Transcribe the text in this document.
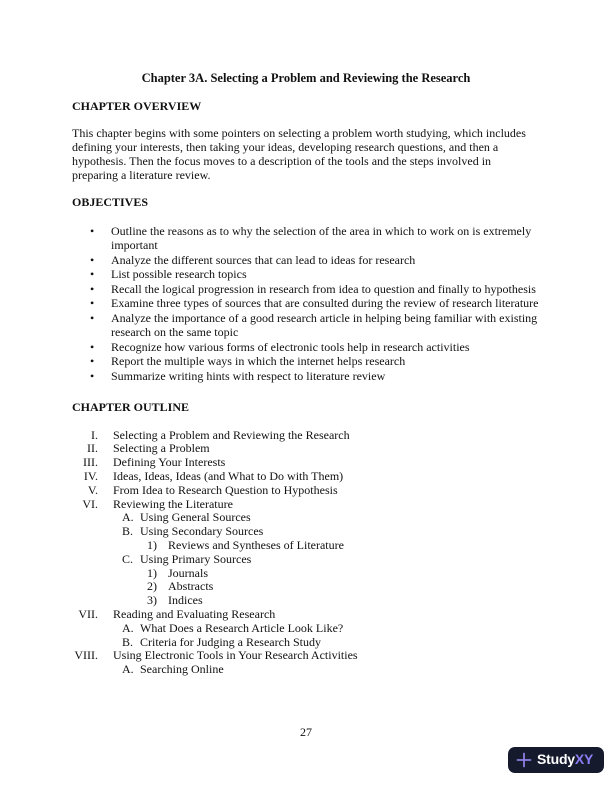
Chapter 3A. Selecting a Problem and Reviewing the Research
CHAPTER OVERVIEW

This chapter begins with some pointers on selecting a problem worth studying, which includes defining your interests, then taking your ideas, developing research questions, and then a hypothesis. Then the focus moves to a description of the tools and the steps involved in preparing a literature review.

OBJECTIVES
• Outline the reasons as to why the selection of the area in which to work on is extremely important
• Analyze the different sources that can lead to ideas for research
• List possible research topics
• Recall the logical progression in research from idea to question and finally to hypothesis
• Examine three types of sources that are consulted during the review of research literature
• Analyze the importance of a good research article in helping being familiar with existing research on the same topic
• Recognize how various forms of electronic tools help in research activities
• Report the multiple ways in which the internet helps research
• Summarize writing hints with respect to literature review
CHAPTER OUTLINE
I. Selecting a Problem and Reviewing the Research
II. Selecting a Problem
III. Defining Your Interests
IV. Ideas, Ideas, Ideas (and What to Do with Them)
V. From Idea to Research Question to Hypothesis
VI. Reviewing the Literature
A. Using General Sources
B. Using Secondary Sources
1) Reviews and Syntheses of Literature
C. Using Primary Sources
1) Journals
2) Abstracts
3) Indices
VII. Reading and Evaluating Research
A. What Does a Research Article Look Like?
B. Criteria for Judging a Research Study
VIII. Using Electronic Tools in Your Research Activities
A. Searching Online
27
StudyXY
